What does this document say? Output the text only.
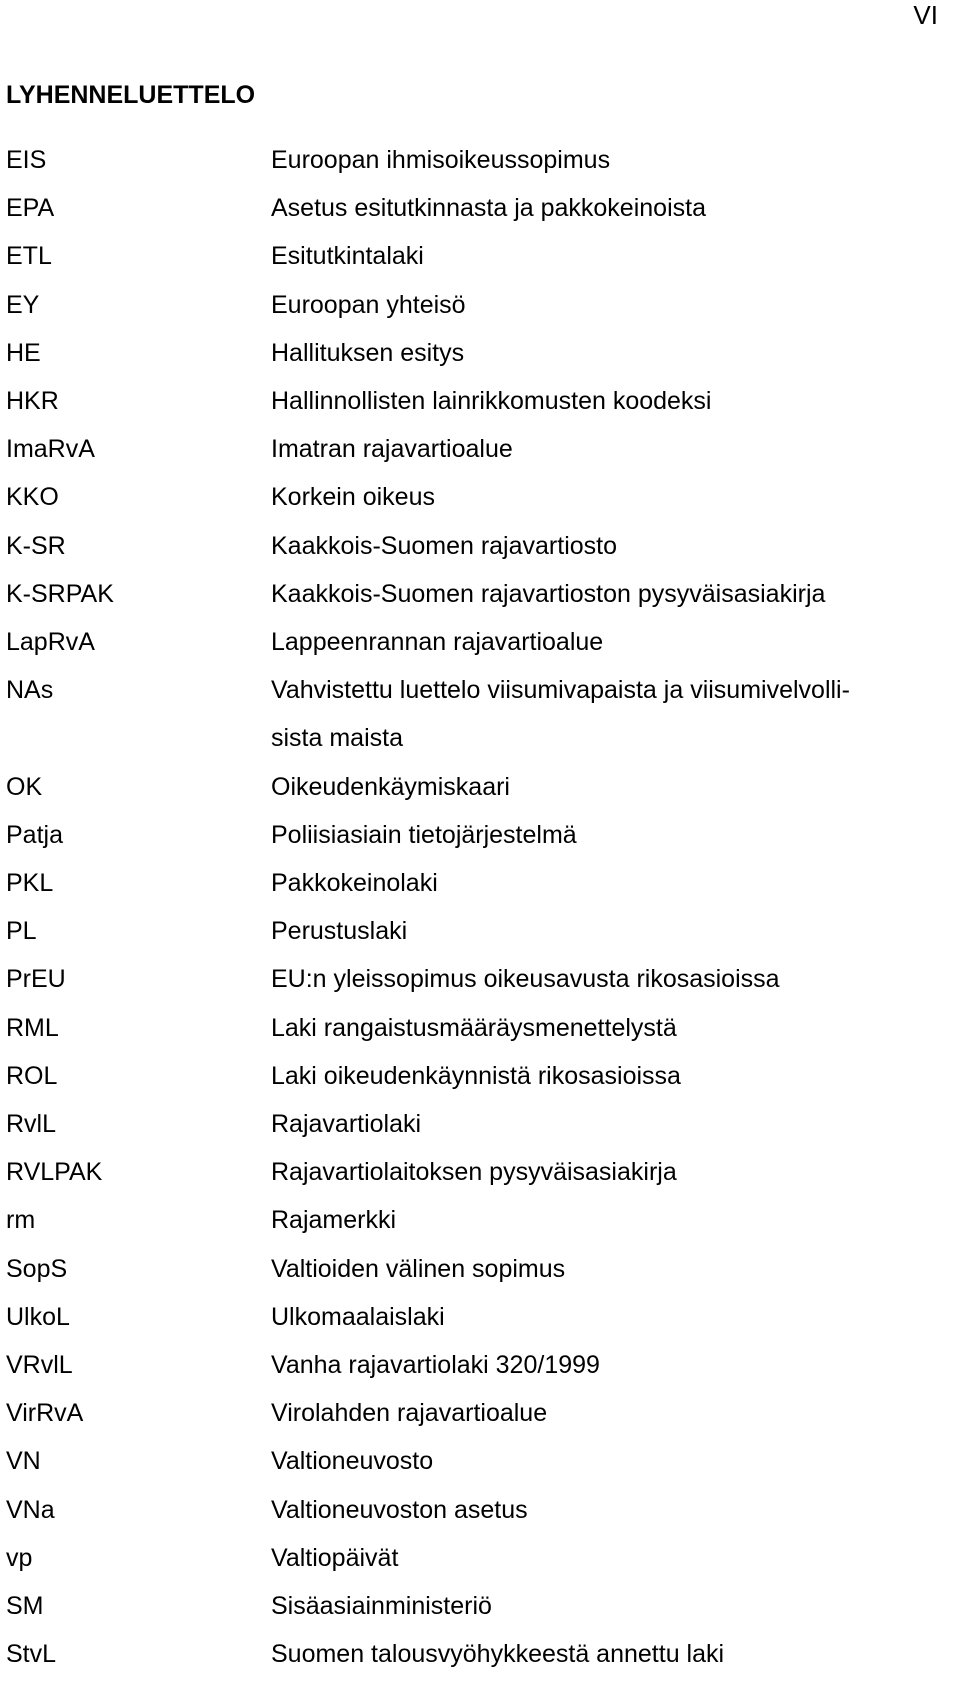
VI
LYHENNELUETTELO
EIS	Euroopan ihmisoikeussopimus
EPA	Asetus esitutkinnasta ja pakkokeinoista
ETL	Esitutkintalaki
EY	Euroopan yhteisö
HE	Hallituksen esitys
HKR	Hallinnollisten lainrikkomusten koodeksi
ImaRvA	Imatran rajavartioalue
KKO	Korkein oikeus
K-SR	Kaakkois-Suomen rajavartiosto
K-SRPAK	Kaakkois-Suomen rajavartioston pysyväisasiakirja
LapRvA	Lappeenrannan rajavartioalue
NAs	Vahvistettu luettelo viisumivapaista ja viisumivelvolli-
sista maista
OK	Oikeudenkäymiskaari
Patja	Poliisiasiain tietojärjestelmä
PKL	Pakkokeinolaki
PL	Perustuslaki
PrEU	EU:n yleissopimus oikeusavusta rikosasioissa
RML	Laki rangaistusmääräysmenettelystä
ROL	Laki oikeudenkäynnistä rikosasioissa
RvlL	Rajavartiolaki
RVLPAK	Rajavartiolaitoksen pysyväisasiakirja
rm	Rajamerkki
SopS	Valtioiden välinen sopimus
UlkoL	Ulkomaalaislaki
VRvlL	Vanha rajavartiolaki 320/1999
VirRvA	Virolahden rajavartioalue
VN	Valtioneuvosto
VNa	Valtioneuvoston asetus
vp	Valtiopäivät
SM	Sisäasiainministeriö
StvL	Suomen talousvyöhykkeestä annettu laki
